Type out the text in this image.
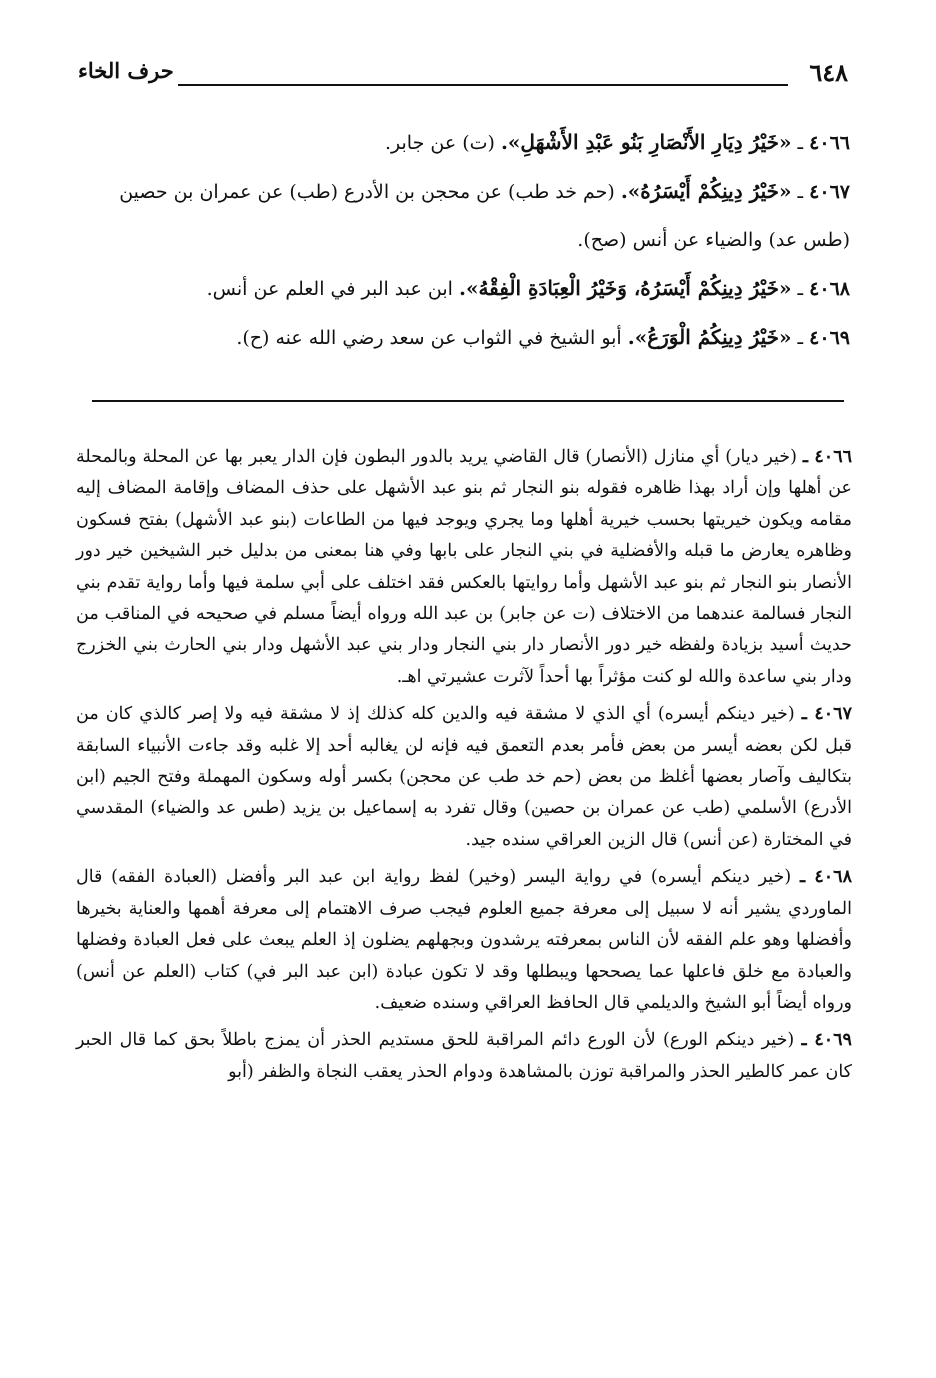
٦٤٨
حرف الخاء

٤٠٦٦ ـ «خَيْرُ دِيَارِ الأَنْصَارِ بَنُو عَبْدِ الأَشْهَلِ». (ت) عن جابر.

٤٠٦٧ ـ «خَيْرُ دِينِكُمْ أَيْسَرُهُ». (حم خد طب) عن محجن بن الأدرع (طب) عن عمران بن حصين (طس عد) والضياء عن أنس (صح).

٤٠٦٨ ـ «خَيْرُ دِينِكُمْ أَيْسَرُهُ، وَخَيْرُ الْعِبَادَةِ الْفِقْهُ». ابن عبد البر في العلم عن أنس.

٤٠٦٩ ـ «خَيْرُ دِينِكُمُ الْوَرَعُ». أبو الشيخ في الثواب عن سعد رضي الله عنه (ح).

٤٠٦٦ ـ (خير ديار) أي منازل (الأنصار) قال القاضي يريد بالدور البطون فإن الدار يعبر بها عن المحلة وبالمحلة عن أهلها وإن أراد بهذا ظاهره فقوله بنو النجار ثم بنو عبد الأشهل على حذف المضاف وإقامة المضاف إليه مقامه ويكون خيريتها بحسب خيرية أهلها وما يجري ويوجد فيها من الطاعات (بنو عبد الأشهل) بفتح فسكون وظاهره يعارض ما قبله والأفضلية في بني النجار على بابها وفي هنا بمعنى من بدليل خبر الشيخين خير دور الأنصار بنو النجار ثم بنو عبد الأشهل وأما روايتها بالعكس فقد اختلف على أبي سلمة فيها وأما رواية تقدم بني النجار فسالمة عندهما من الاختلاف (ت عن جابر) بن عبد الله ورواه أيضاً مسلم في صحيحه في المناقب من حديث أسيد بزيادة ولفظه خير دور الأنصار دار بني النجار ودار بني عبد الأشهل ودار بني الحارث بني الخزرج ودار بني ساعدة والله لو كنت مؤثراً بها أحداً لآثرت عشيرتي اهـ.

٤٠٦٧ ـ (خير دينكم أيسره) أي الذي لا مشقة فيه والدين كله كذلك إذ لا مشقة فيه ولا إصر كالذي كان من قبل لكن بعضه أيسر من بعض فأمر بعدم التعمق فيه فإنه لن يغالبه أحد إلا غلبه وقد جاءت الأنبياء السابقة بتكاليف وآصار بعضها أغلظ من بعض (حم خد طب عن محجن) بكسر أوله وسكون المهملة وفتح الجيم (ابن الأدرع) الأسلمي (طب عن عمران بن حصين) وقال تفرد به إسماعيل بن يزيد (طس عد والضياء) المقدسي في المختارة (عن أنس) قال الزين العراقي سنده جيد.

٤٠٦٨ ـ (خير دينكم أيسره) في رواية اليسر (وخير) لفظ رواية ابن عبد البر وأفضل (العبادة الفقه) قال الماوردي يشير أنه لا سبيل إلى معرفة جميع العلوم فيجب صرف الاهتمام إلى معرفة أهمها والعناية بخيرها وأفضلها وهو علم الفقه لأن الناس بمعرفته يرشدون وبجهلهم يضلون إذ العلم يبعث على فعل العبادة وفضلها والعبادة مع خلق فاعلها عما يصححها ويبطلها وقد لا تكون عبادة (ابن عبد البر في) كتاب (العلم عن أنس) ورواه أيضاً أبو الشيخ والديلمي قال الحافظ العراقي وسنده ضعيف.

٤٠٦٩ ـ (خير دينكم الورع) لأن الورع دائم المراقبة للحق مستديم الحذر أن يمزج باطلاً بحق كما قال الحبر كان عمر كالطير الحذر والمراقبة توزن بالمشاهدة ودوام الحذر يعقب النجاة والظفر (أبو
